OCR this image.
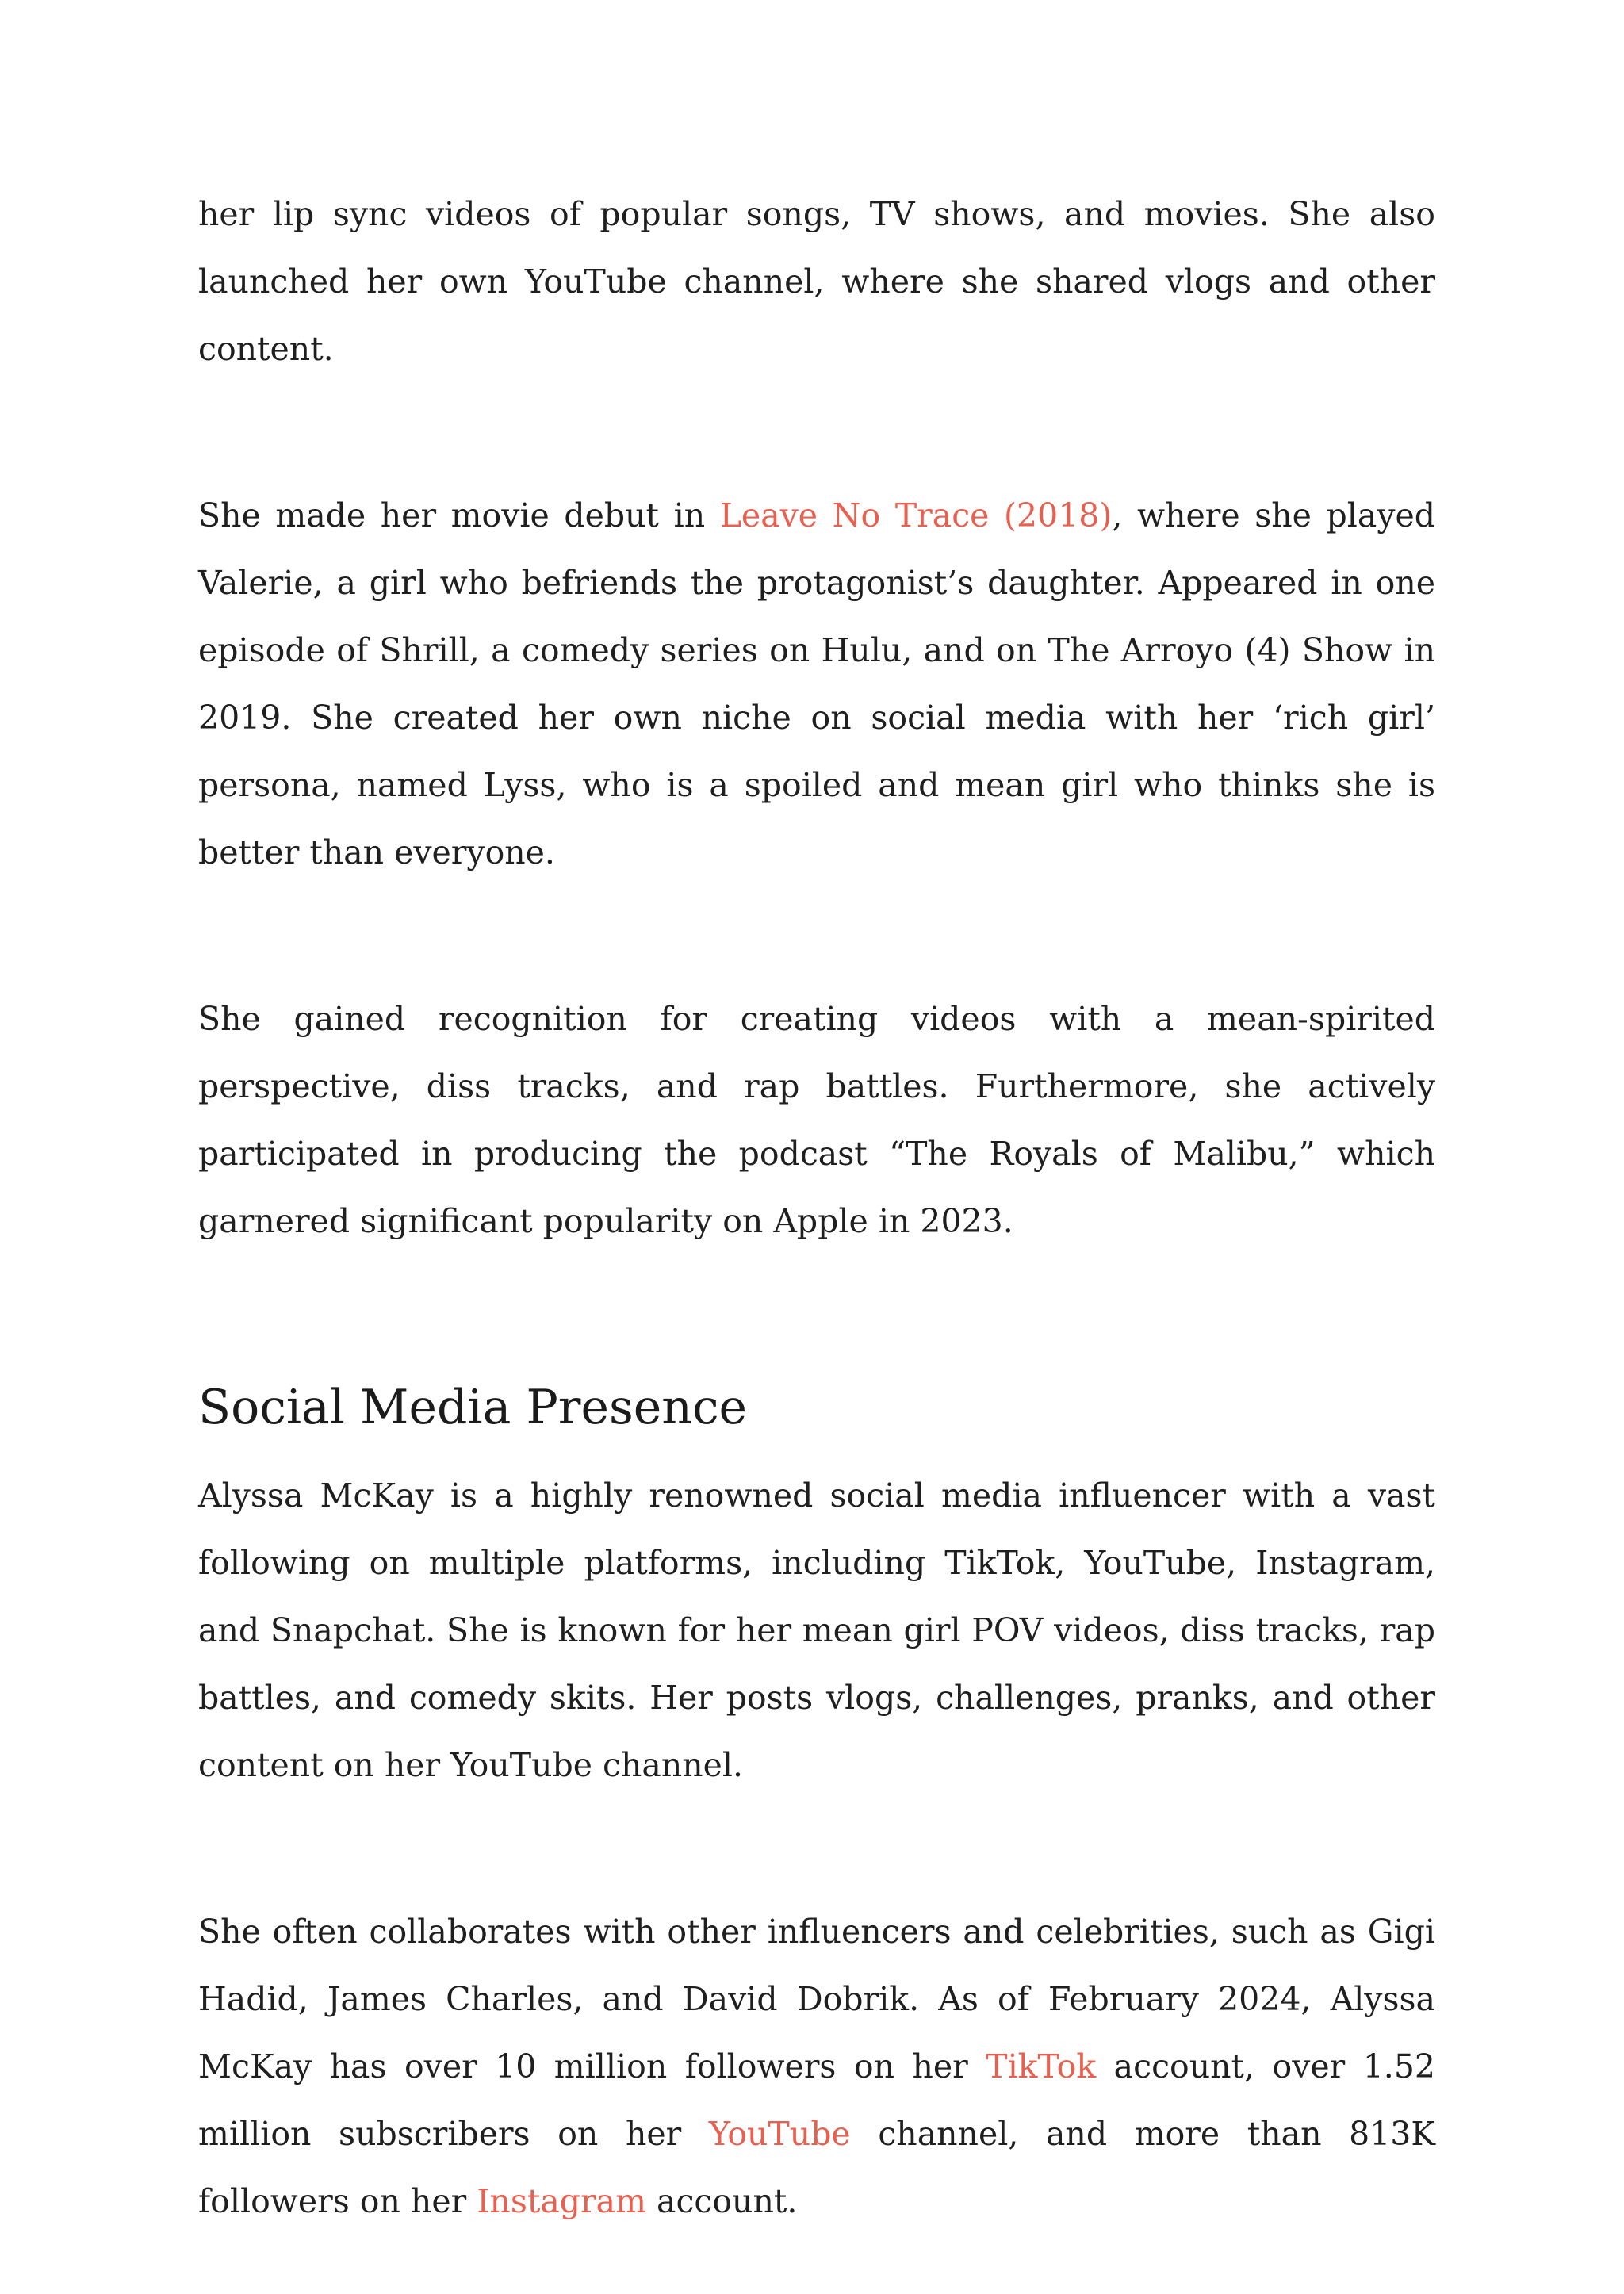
her lip sync videos of popular songs, TV shows, and movies. She also launched her own YouTube channel, where she shared vlogs and other content.

She made her movie debut in Leave No Trace (2018), where she played Valerie, a girl who befriends the protagonist’s daughter. Appeared in one episode of Shrill, a comedy series on Hulu, and on The Arroyo (4) Show in 2019. She created her own niche on social media with her ‘rich girl’ persona, named Lyss, who is a spoiled and mean girl who thinks she is better than everyone.

She gained recognition for creating videos with a mean-spirited perspective, diss tracks, and rap battles. Furthermore, she actively participated in producing the podcast “The Royals of Malibu,” which garnered significant popularity on Apple in 2023.

Social Media Presence

Alyssa McKay is a highly renowned social media influencer with a vast following on multiple platforms, including TikTok, YouTube, Instagram, and Snapchat. She is known for her mean girl POV videos, diss tracks, rap battles, and comedy skits. Her posts vlogs, challenges, pranks, and other content on her YouTube channel.

She often collaborates with other influencers and celebrities, such as Gigi Hadid, James Charles, and David Dobrik. As of February 2024, Alyssa McKay has over 10 million followers on her TikTok account, over 1.52 million subscribers on her YouTube channel, and more than 813K followers on her Instagram account.
